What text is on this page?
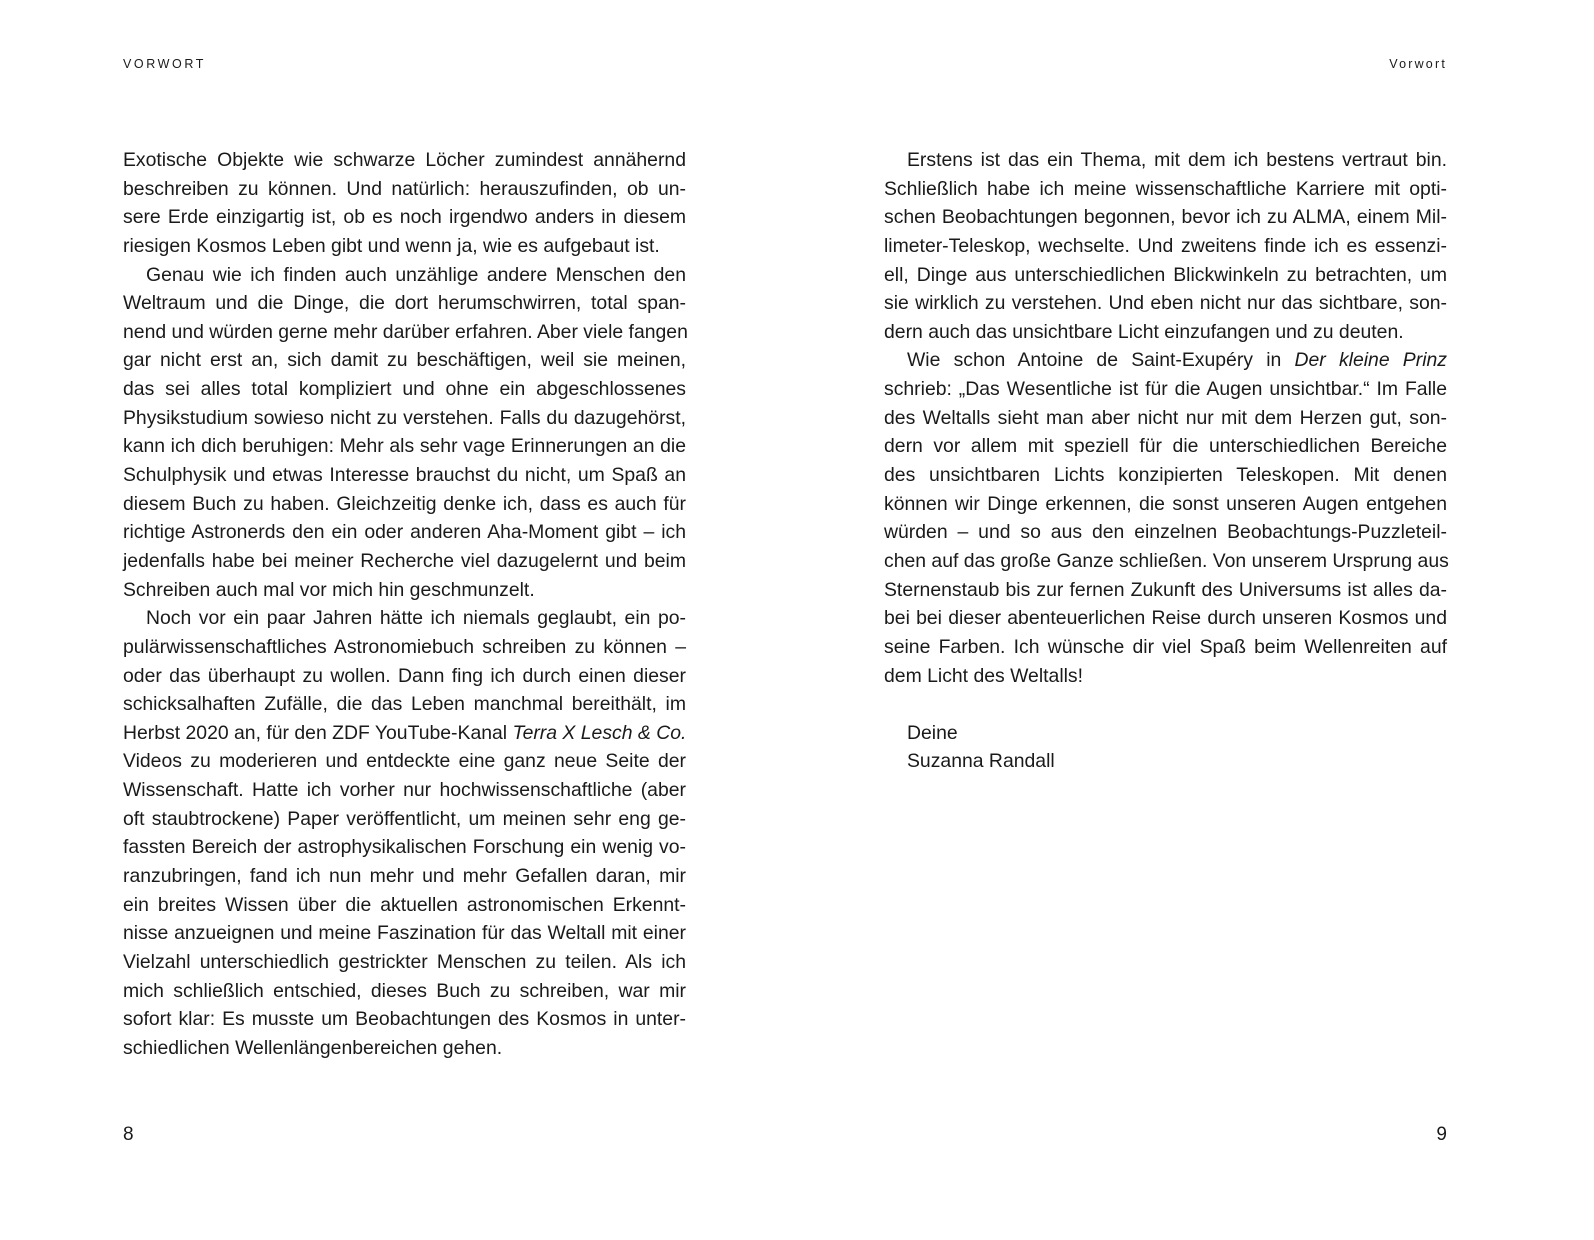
VORWORT
Exotische Objekte wie schwarze Löcher zumindest annähernd
beschreiben zu können. Und natürlich: herauszufinden, ob un-
sere Erde einzigartig ist, ob es noch irgendwo anders in diesem
riesigen Kosmos Leben gibt und wenn ja, wie es aufgebaut ist.
Genau wie ich finden auch unzählige andere Menschen den
Weltraum und die Dinge, die dort herumschwirren, total span-
nend und würden gerne mehr darüber erfahren. Aber viele fangen
gar nicht erst an, sich damit zu beschäftigen, weil sie meinen,
das sei alles total kompliziert und ohne ein abgeschlossenes
Physikstudium sowieso nicht zu verstehen. Falls du dazugehörst,
kann ich dich beruhigen: Mehr als sehr vage Erinnerungen an die
Schulphysik und etwas Interesse brauchst du nicht, um Spaß an
diesem Buch zu haben. Gleichzeitig denke ich, dass es auch für
richtige Astronerds den ein oder anderen Aha-Moment gibt – ich
jedenfalls habe bei meiner Recherche viel dazugelernt und beim
Schreiben auch mal vor mich hin geschmunzelt.
Noch vor ein paar Jahren hätte ich niemals geglaubt, ein po-
pulärwissenschaftliches Astronomiebuch schreiben zu können –
oder das überhaupt zu wollen. Dann fing ich durch einen dieser
schicksalhaften Zufälle, die das Leben manchmal bereithält, im
Herbst 2020 an, für den ZDF YouTube-Kanal Terra X Lesch & Co.
Videos zu moderieren und entdeckte eine ganz neue Seite der
Wissenschaft. Hatte ich vorher nur hochwissenschaftliche (aber
oft staubtrockene) Paper veröffentlicht, um meinen sehr eng ge-
fassten Bereich der astrophysikalischen Forschung ein wenig vo-
ranzubringen, fand ich nun mehr und mehr Gefallen daran, mir
ein breites Wissen über die aktuellen astronomischen Erkennt-
nisse anzueignen und meine Faszination für das Weltall mit einer
Vielzahl unterschiedlich gestrickter Menschen zu teilen. Als ich
mich schließlich entschied, dieses Buch zu schreiben, war mir
sofort klar: Es musste um Beobachtungen des Kosmos in unter-
schiedlichen Wellenlängenbereichen gehen.
8
Vorwort
Erstens ist das ein Thema, mit dem ich bestens vertraut bin.
Schließlich habe ich meine wissenschaftliche Karriere mit opti-
schen Beobachtungen begonnen, bevor ich zu ALMA, einem Mil-
limeter-Teleskop, wechselte. Und zweitens finde ich es essenzi-
ell, Dinge aus unterschiedlichen Blickwinkeln zu betrachten, um
sie wirklich zu verstehen. Und eben nicht nur das sichtbare, son-
dern auch das unsichtbare Licht einzufangen und zu deuten.
Wie schon Antoine de Saint-Exupéry in Der kleine Prinz
schrieb: „Das Wesentliche ist für die Augen unsichtbar.“ Im Falle
des Weltalls sieht man aber nicht nur mit dem Herzen gut, son-
dern vor allem mit speziell für die unterschiedlichen Bereiche
des unsichtbaren Lichts konzipierten Teleskopen. Mit denen
können wir Dinge erkennen, die sonst unseren Augen entgehen
würden – und so aus den einzelnen Beobachtungs-Puzzleteil-
chen auf das große Ganze schließen. Von unserem Ursprung aus
Sternenstaub bis zur fernen Zukunft des Universums ist alles da-
bei bei dieser abenteuerlichen Reise durch unseren Kosmos und
seine Farben. Ich wünsche dir viel Spaß beim Wellenreiten auf
dem Licht des Weltalls!
Deine
Suzanna Randall
9
